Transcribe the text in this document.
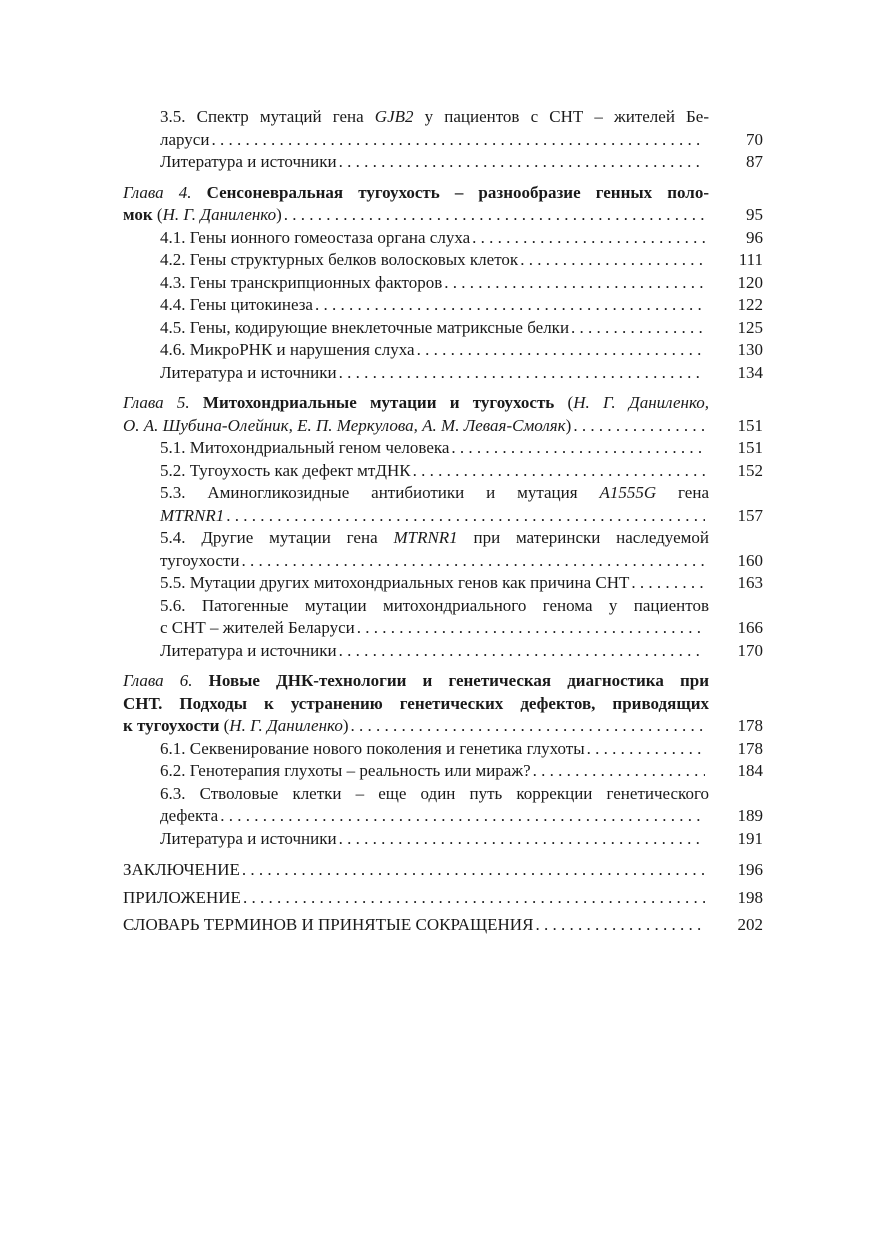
3.5. Спектр мутаций гена GJB2 у пациентов с СНТ – жителей Бе-
ларуси . . .	70
Литература и источники . . .	87
Глава 4. Сенсоневральная тугоухость – разнообразие генных поло-
мок (Н. Г. Даниленко) . . .	95
4.1. Гены ионного гомеостаза органа слуха . . .	96
4.2. Гены структурных белков волосковых клеток . . .	111
4.3. Гены транскрипционных факторов . . .	120
4.4. Гены цитокинеза . . .	122
4.5. Гены, кодирующие внеклеточные матриксные белки . . .	125
4.6. МикроРНК и нарушения слуха . . .	130
Литература и источники . . .	134
Глава 5. Митохондриальные мутации и тугоухость (Н. Г. Даниленко,
О. А. Шубина-Олейник, Е. П. Меркулова, А. М. Левая-Смоляк) . . .	151
5.1. Митохондриальный геном человека . . .	151
5.2. Тугоухость как дефект мтДНК . . .	152
5.3. Аминогликозидные антибиотики и мутация A1555G гена
MTRNR1 . . .	157
5.4. Другие мутации гена MTRNR1 при матерински наследуемой
тугоухости . . .	160
5.5. Мутации других митохондриальных генов как причина СНТ . . .	163
5.6. Патогенные мутации митохондриального генома у пациентов
с СНТ – жителей Беларуси . . .	166
Литература и источники . . .	170
Глава 6. Новые ДНК-технологии и генетическая диагностика при
СНТ. Подходы к устранению генетических дефектов, приводящих
к тугоухости (Н. Г. Даниленко) . . .	178
6.1. Секвенирование нового поколения и генетика глухоты . . .	178
6.2. Генотерапия глухоты – реальность или мираж? . . .	184
6.3. Стволовые клетки – еще один путь коррекции генетического
дефекта . . .	189
Литература и источники . . .	191
ЗАКЛЮЧЕНИЕ . . .	196
ПРИЛОЖЕНИЕ . . .	198
СЛОВАРЬ ТЕРМИНОВ И ПРИНЯТЫЕ СОКРАЩЕНИЯ . . .	202
